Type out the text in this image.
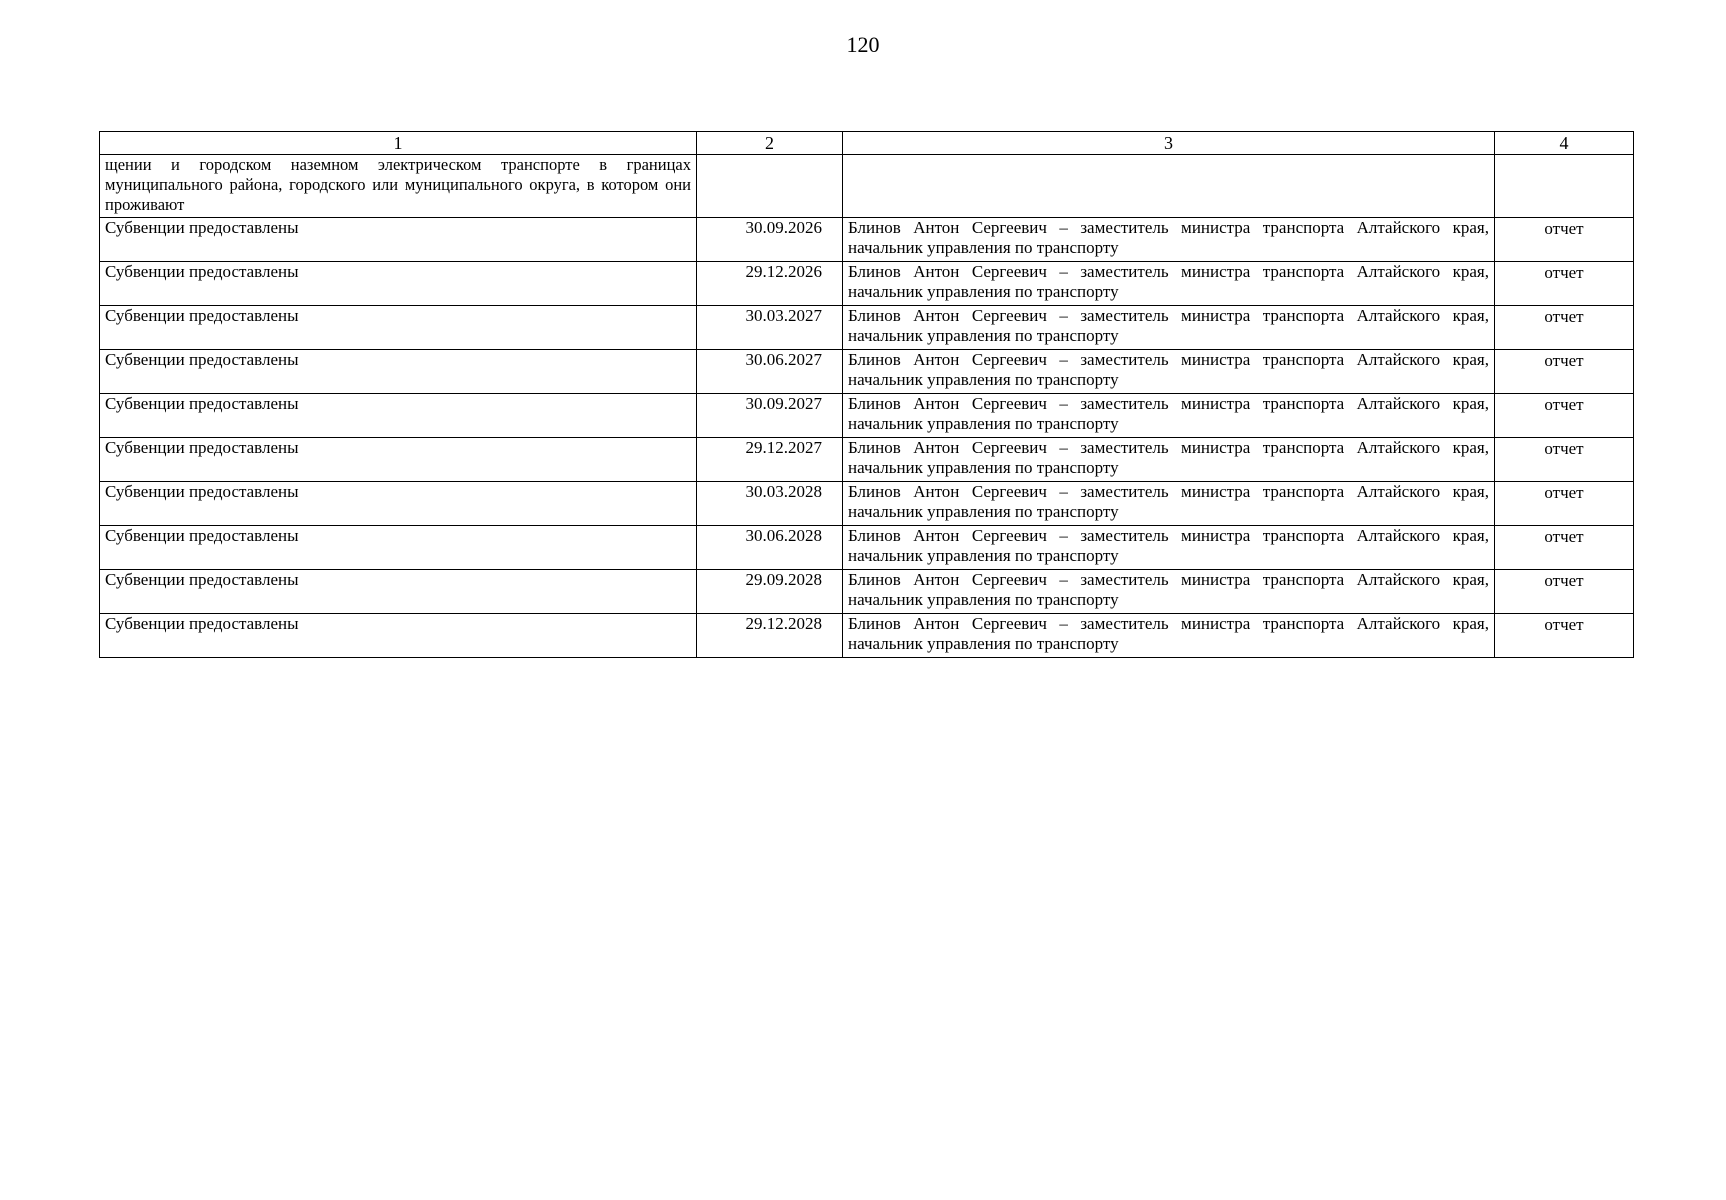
120
1	2	3	4
щении и городском наземном электрическом транспорте в границах муниципального района, городского или муниципального округа, в котором они проживают			
Субвенции предоставлены	30.09.2026	Блинов Антон Сергеевич – заместитель министра транспорта Алтайского края, начальник управления по транспорту	отчет
Субвенции предоставлены	29.12.2026	Блинов Антон Сергеевич – заместитель министра транспорта Алтайского края, начальник управления по транспорту	отчет
Субвенции предоставлены	30.03.2027	Блинов Антон Сергеевич – заместитель министра транспорта Алтайского края, начальник управления по транспорту	отчет
Субвенции предоставлены	30.06.2027	Блинов Антон Сергеевич – заместитель министра транспорта Алтайского края, начальник управления по транспорту	отчет
Субвенции предоставлены	30.09.2027	Блинов Антон Сергеевич – заместитель министра транспорта Алтайского края, начальник управления по транспорту	отчет
Субвенции предоставлены	29.12.2027	Блинов Антон Сергеевич – заместитель министра транспорта Алтайского края, начальник управления по транспорту	отчет
Субвенции предоставлены	30.03.2028	Блинов Антон Сергеевич – заместитель министра транспорта Алтайского края, начальник управления по транспорту	отчет
Субвенции предоставлены	30.06.2028	Блинов Антон Сергеевич – заместитель министра транспорта Алтайского края, начальник управления по транспорту	отчет
Субвенции предоставлены	29.09.2028	Блинов Антон Сергеевич – заместитель министра транспорта Алтайского края, начальник управления по транспорту	отчет
Субвенции предоставлены	29.12.2028	Блинов Антон Сергеевич – заместитель министра транспорта Алтайского края, начальник управления по транспорту	отчет
